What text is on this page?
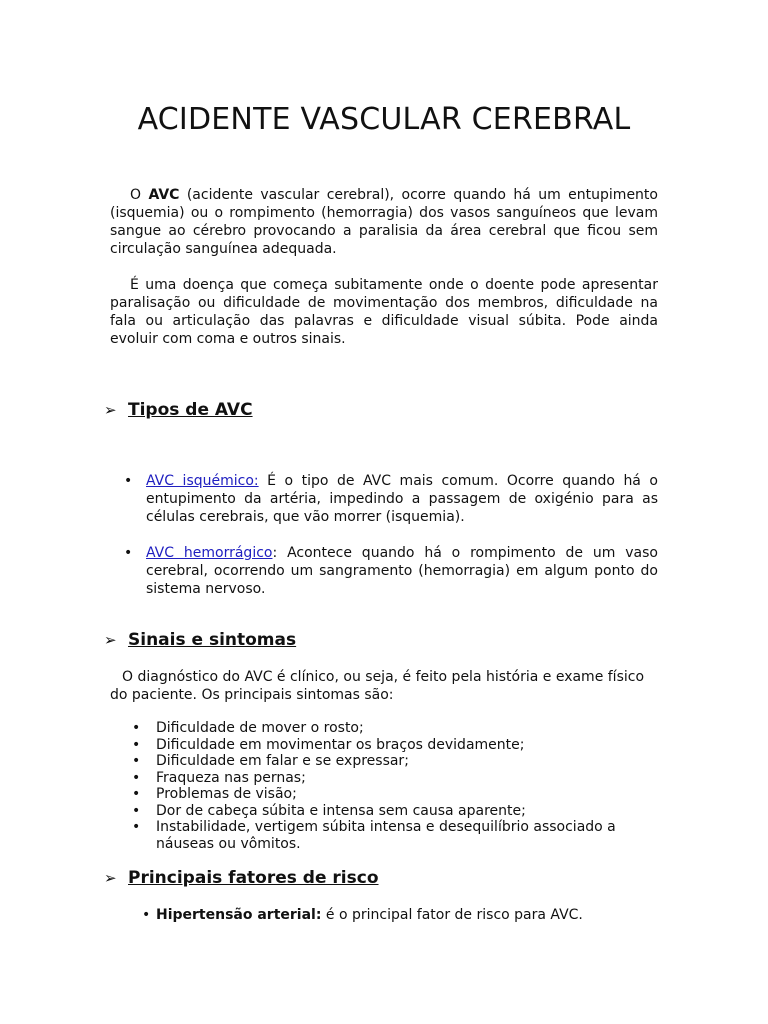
ACIDENTE VASCULAR CEREBRAL

O AVC (acidente vascular cerebral), ocorre quando há um entupimento (isquemia) ou o rompimento (hemorragia) dos vasos sanguíneos que levam sangue ao cérebro provocando a paralisia da área cerebral que ficou sem circulação sanguínea adequada.

É uma doença que começa subitamente onde o doente pode apresentar paralisação ou dificuldade de movimentação dos membros, dificuldade na fala ou articulação das palavras e dificuldade visual súbita. Pode ainda evoluir com coma e outros sinais.

➢ Tipos de AVC
• AVC isquémico: É o tipo de AVC mais comum. Ocorre quando há o entupimento da artéria, impedindo a passagem de oxigénio para as células cerebrais, que vão morrer (isquemia).
• AVC hemorrágico: Acontece quando há o rompimento de um vaso cerebral, ocorrendo um sangramento (hemorragia) em algum ponto do sistema nervoso.
➢ Sinais e sintomas

O diagnóstico do AVC é clínico, ou seja, é feito pela história e exame físico do paciente. Os principais sintomas são:

• Dificuldade de mover o rosto;
• Dificuldade em movimentar os braços devidamente;
• Dificuldade em falar e se expressar;
• Fraqueza nas pernas;
• Problemas de visão;
• Dor de cabeça súbita e intensa sem causa aparente;
• Instabilidade, vertigem súbita intensa e desequilíbrio associado a náuseas ou vômitos.
➢ Principais fatores de risco
• Hipertensão arterial: é o principal fator de risco para AVC.
